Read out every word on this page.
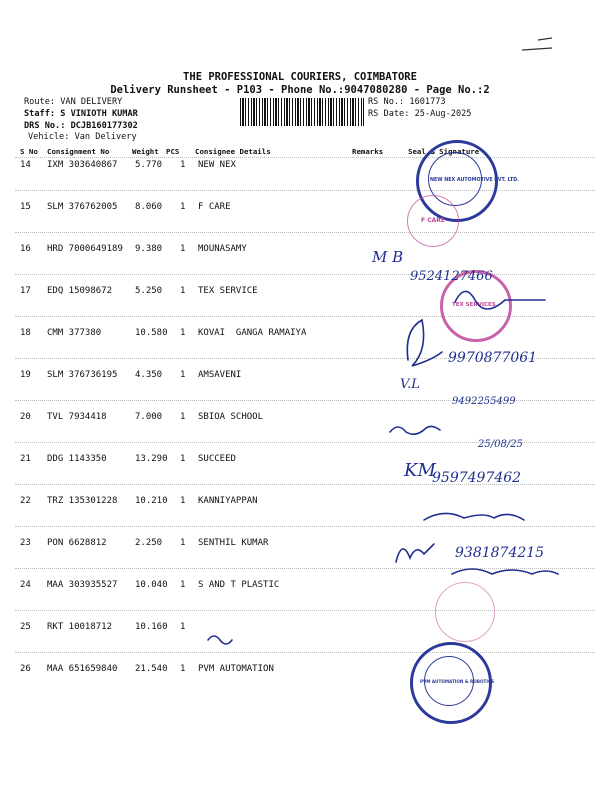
THE PROFESSIONAL COURIERS, COIMBATORE
Delivery Runsheet - P103 - Phone No.:9047080280 - Page No.:2
Route: VAN DELIVERY
Staff: S VINIOTH KUMAR
DRS No.: DCJB160177302
Vehicle: Van Delivery
RS No.: 1601773
RS Date: 25-Aug-2025
S No Consignment No	Weight PCS Consignee Details	Remarks	Seal & Signature
14 IXM 303640867 5.770 1 NEW NEX
15 SLM 376762005 8.060 1 F CARE
16 HRD 7000649189 9.380 1 MOUNASAMY
17 EDQ 15098672	5.250 1 TEX SERVICE
18 CMM 377380	10.580 1 KOVAI  GANGA RAMAIYA
19 SLM 376736195 4.350 1 AMSAVENI
20 TVL 7934418	7.000 1 SBIOA SCHOOL
21 DDG 1143350	13.290 1 SUCCEED
22 TRZ 135301228 10.210 1 KANNIYAPPAN
23 PON 6628812	2.250 1 SENTHIL KUMAR
24 MAA 303935527 10.040 1 S AND T PLASTIC
25 RKT 10018712	10.160 1
26 MAA 651659840 21.540 1 PVM AUTOMATION
NEW NEX AUTOMOTIVE PVT. LTD.
F CARE
TEX SERVICES
PVM AUTOMATION & ROBOTICS
M B
9524127466
9970877061
V.L
9492255499
25/08/25
KM
9597497462
9381874215
